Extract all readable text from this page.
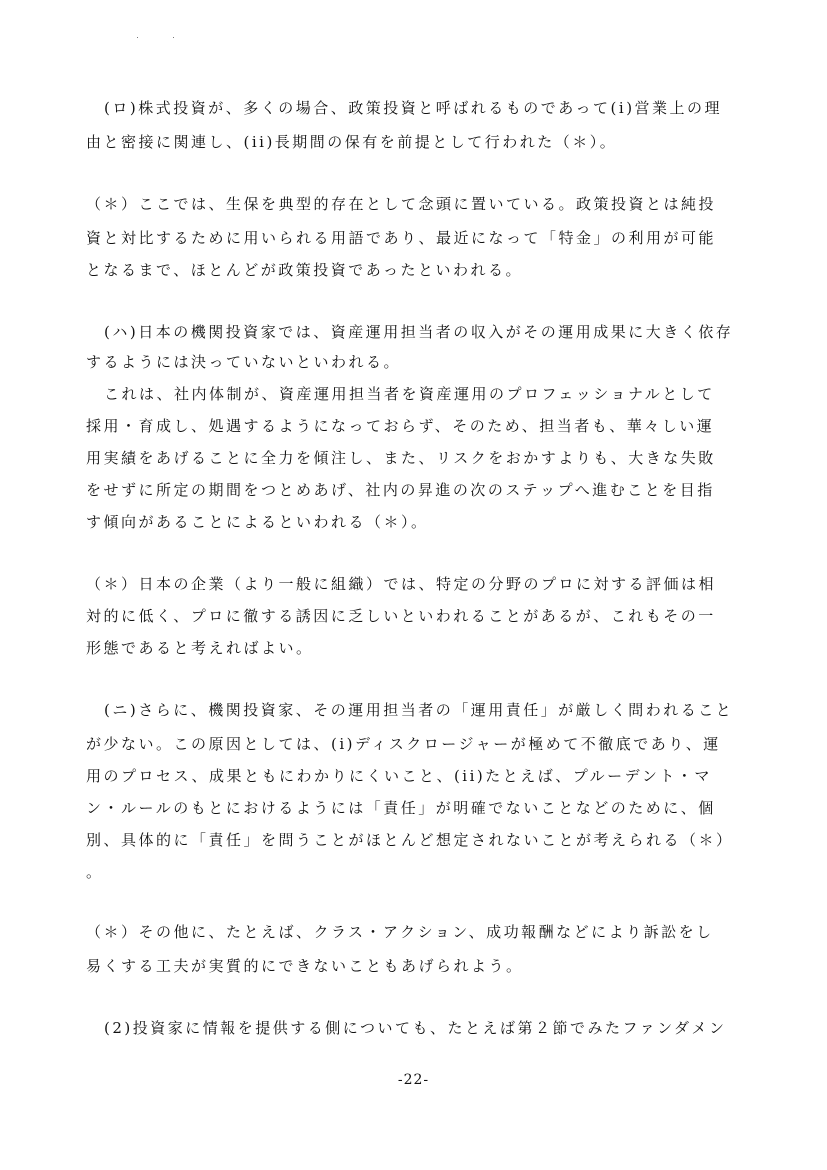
(ロ)株式投資が、多くの場合、政策投資と呼ばれるものであって(i)営業上の理
由と密接に関連し、(ii)長期間の保有を前提として行われた（＊）。
（＊）ここでは、生保を典型的存在として念頭に置いている。政策投資とは純投
資と対比するために用いられる用語であり、最近になって「特金」の利用が可能
となるまで、ほとんどが政策投資であったといわれる。
(ハ)日本の機関投資家では、資産運用担当者の収入がその運用成果に大きく依存
するようには決っていないといわれる。
これは、社内体制が、資産運用担当者を資産運用のプロフェッショナルとして
採用・育成し、処遇するようになっておらず、そのため、担当者も、華々しい運
用実績をあげることに全力を傾注し、また、リスクをおかすよりも、大きな失敗
をせずに所定の期間をつとめあげ、社内の昇進の次のステップへ進むことを目指
す傾向があることによるといわれる（＊）。
（＊）日本の企業（より一般に組織）では、特定の分野のプロに対する評価は相
対的に低く、プロに徹する誘因に乏しいといわれることがあるが、これもその一
形態であると考えればよい。
(ニ)さらに、機関投資家、その運用担当者の「運用責任」が厳しく問われること
が少ない。この原因としては、(i)ディスクロージャーが極めて不徹底であり、運
用のプロセス、成果ともにわかりにくいこと、(ii)たとえば、プルーデント・マ
ン・ルールのもとにおけるようには「責任」が明確でないことなどのために、個
別、具体的に「責任」を問うことがほとんど想定されないことが考えられる（＊）
。
（＊）その他に、たとえば、クラス・アクション、成功報酬などにより訴訟をし
易くする工夫が実質的にできないこともあげられよう。
(2)投資家に情報を提供する側についても、たとえば第２節でみたファンダメン
-22-
